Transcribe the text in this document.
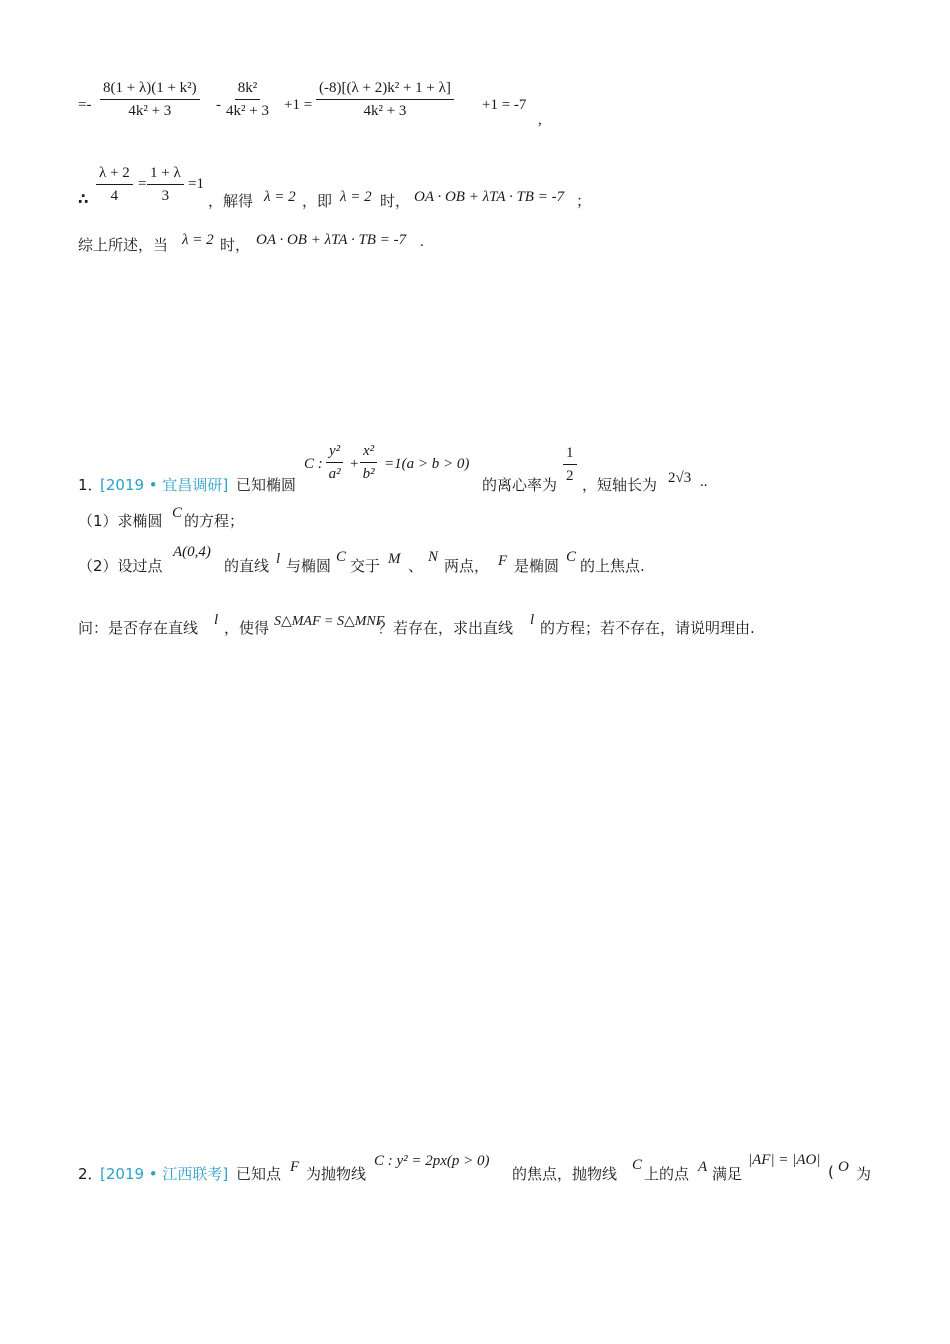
=- $\frac{\text{8(1 + λ)(1 + k²)}}{\text{4k² + 3}} - \frac{\text{8k²}}{\text{4k² + 3}} +1 = \frac{\text{(-8)[(λ + 2)k² + 1 + λ]}}{\text{4k² + 3}} +1 = -7$
,
∴ $\frac{\lambda + 2}{4} = \frac{1 + \lambda}{3} =1$
，解得 λ = 2 ，即 λ = 2 时， OA · OB + λTA · TB = -7 ；
综上所述，当 λ = 2 时， OA · OB + λTA · TB = -7 .
1．
[2019 • 宜昌调研] 已知椭圆
C : $\frac{\text{y²}}{\text{a²}} + \frac{\text{x²}}{\text{b²}} =1(a > b > 0)$
的离心率为 $\frac{1}{2}$ ，短轴长为 2√3 ..
（1）求椭圆 C 的方程；
（2）设过点
A(0,4)
的直线 l 与椭圆 C 交于 M 、 N 两点， F 是椭圆 C 的上焦点.
问：是否存在直线 l ，使得 S△MAF = S△MNF
？若存在，求出直线 l 的方程；若不存在，请说明理由.
2．
[2019 • 江西联考] 已知点 F 为抛物线
C : y² = 2px(p > 0)
的焦点，抛物线 C 上的点 A 满足
|AF| = |AO|
( O 为
